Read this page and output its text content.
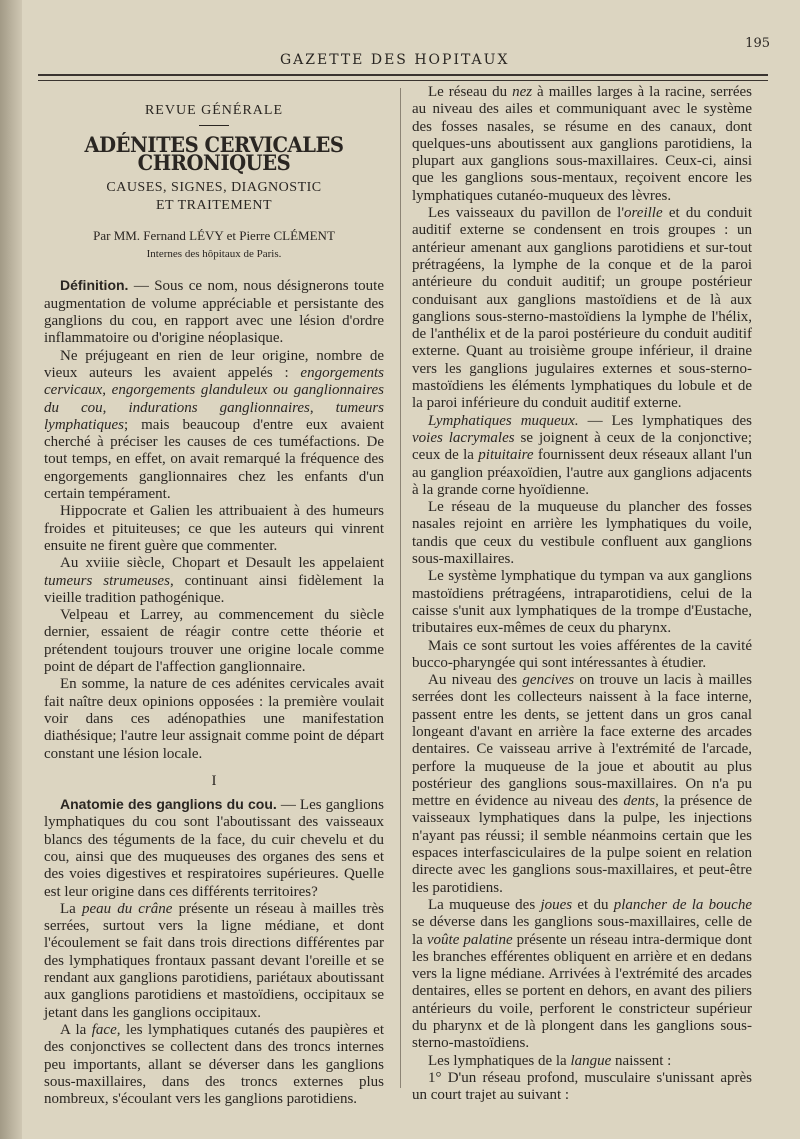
195
GAZETTE DES HOPITAUX
REVUE GÉNÉRALE
ADÉNITES CERVICALES CHRONIQUES
CAUSES, SIGNES, DIAGNOSTIC
ET TRAITEMENT
Par MM. Fernand LÉVY et Pierre CLÉMENT
Internes des hôpitaux de Paris.

Définition. — Sous ce nom, nous désignerons toute augmentation de volume appréciable et persistante des ganglions du cou, en rapport avec une lésion d'ordre inflammatoire ou d'origine néoplasique.

Ne préjugeant en rien de leur origine, nombre de vieux auteurs les avaient appelés : engorgements cervicaux, engorgements glanduleux ou ganglionnaires du cou, indurations ganglionnaires, tumeurs lymphatiques; mais beaucoup d'entre eux avaient cherché à préciser les causes de ces tuméfactions. De tout temps, en effet, on avait remarqué la fréquence des engorgements ganglionnaires chez les enfants d'un certain tempérament.

Hippocrate et Galien les attribuaient à des humeurs froides et pituiteuses; ce que les auteurs qui vinrent ensuite ne firent guère que commenter.

Au xviiie siècle, Chopart et Desault les appelaient tumeurs strumeuses, continuant ainsi fidèlement la vieille tradition pathogénique.

Velpeau et Larrey, au commencement du siècle dernier, essaient de réagir contre cette théorie et prétendent toujours trouver une origine locale comme point de départ de l'affection ganglionnaire.

En somme, la nature de ces adénites cervicales avait fait naître deux opinions opposées : la première voulait voir dans ces adénopathies une manifestation diathésique; l'autre leur assignait comme point de départ constant une lésion locale.

I

Anatomie des ganglions du cou. — Les ganglions lymphatiques du cou sont l'aboutissant des vaisseaux blancs des téguments de la face, du cuir chevelu et du cou, ainsi que des muqueuses des organes des sens et des voies digestives et respiratoires supérieures. Quelle est leur origine dans ces différents territoires?

La peau du crâne présente un réseau à mailles très serrées, surtout vers la ligne médiane, et dont l'écoulement se fait dans trois directions différentes par des lymphatiques frontaux passant devant l'oreille et se rendant aux ganglions parotidiens, pariétaux aboutissant aux ganglions parotidiens et mastoïdiens, occipitaux se jetant dans les ganglions occipitaux.

A la face, les lymphatiques cutanés des paupières et des conjonctives se collectent dans des troncs internes peu importants, allant se déverser dans les ganglions sous-maxillaires, dans des troncs externes plus nombreux, s'écoulant vers les ganglions parotidiens.

Le réseau du nez à mailles larges à la racine, serrées au niveau des ailes et communiquant avec le système des fosses nasales, se résume en des canaux, dont quelques-uns aboutissent aux ganglions parotidiens, la plupart aux ganglions sous-maxillaires. Ceux-ci, ainsi que les ganglions sous-mentaux, reçoivent encore les lymphatiques cutanéo-muqueux des lèvres.

Les vaisseaux du pavillon de l'oreille et du conduit auditif externe se condensent en trois groupes : un antérieur amenant aux ganglions parotidiens et sur-tout prétragéens, la lymphe de la conque et de la paroi antérieure du conduit auditif; un groupe postérieur conduisant aux ganglions mastoïdiens et de là aux ganglions sous-sterno-mastoïdiens la lymphe de l'hélix, de l'anthélix et de la paroi postérieure du conduit auditif externe. Quant au troisième groupe inférieur, il draine vers les ganglions jugulaires externes et sous-sterno-mastoïdiens les éléments lymphatiques du lobule et de la paroi inférieure du conduit auditif externe.

Lymphatiques muqueux. — Les lymphatiques des voies lacrymales se joignent à ceux de la conjonctive; ceux de la pituitaire fournissent deux réseaux allant l'un au ganglion préaxoïdien, l'autre aux ganglions adjacents à la grande corne hyoïdienne.

Le réseau de la muqueuse du plancher des fosses nasales rejoint en arrière les lymphatiques du voile, tandis que ceux du vestibule confluent aux ganglions sous-maxillaires.

Le système lymphatique du tympan va aux ganglions mastoïdiens prétragéens, intraparotidiens, celui de la caisse s'unit aux lymphatiques de la trompe d'Eustache, tributaires eux-mêmes de ceux du pharynx.

Mais ce sont surtout les voies afférentes de la cavité bucco-pharyngée qui sont intéressantes à étudier.

Au niveau des gencives on trouve un lacis à mailles serrées dont les collecteurs naissent à la face interne, passent entre les dents, se jettent dans un gros canal longeant d'avant en arrière la face externe des arcades dentaires. Ce vaisseau arrive à l'extrémité de l'arcade, perfore la muqueuse de la joue et aboutit au plus postérieur des ganglions sous-maxillaires. On n'a pu mettre en évidence au niveau des dents, la présence de vaisseaux lymphatiques dans la pulpe, les injections n'ayant pas réussi; il semble néanmoins certain que les espaces interfasciculaires de la pulpe soient en relation directe avec les ganglions sous-maxillaires, et peut-être les parotidiens.

La muqueuse des joues et du plancher de la bouche se déverse dans les ganglions sous-maxillaires, celle de la voûte palatine présente un réseau intra-dermique dont les branches efférentes obliquent en arrière et en dedans vers la ligne médiane. Arrivées à l'extrémité des arcades dentaires, elles se portent en dehors, en avant des piliers antérieurs du voile, perforent le constricteur supérieur du pharynx et de là plongent dans les ganglions sous-sterno-mastoïdiens.

Les lymphatiques de la langue naissent :

1° D'un réseau profond, musculaire s'unissant après un court trajet au suivant :
